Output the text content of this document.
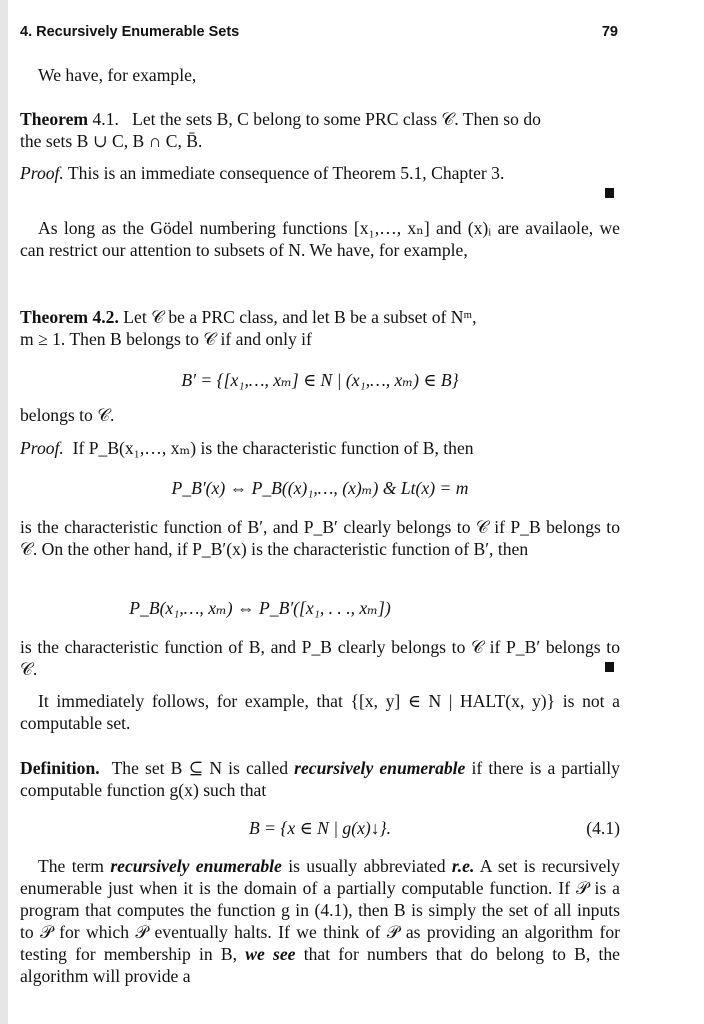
4. Recursively Enumerable Sets	79
We have, for example,
Theorem 4.1. Let the sets B, C belong to some PRC class 𝒞. Then so do
the sets B ∪ C, B ∩ C, B̄.
Proof. This is an immediate consequence of Theorem 5.1, Chapter 3.
As long as the Gödel numbering functions [x₁,…, xₙ] and (x)ᵢ are availaole, we can restrict our attention to subsets of N. We have, for example,
Theorem 4.2. Let 𝒞 be a PRC class, and let B be a subset of Nᵐ,
m ≥ 1. Then B belongs to 𝒞 if and only if
B′ = {[x₁,…, xₘ] ∈ N | (x₁,…, xₘ) ∈ B}
belongs to 𝒞.
Proof. If P_B(x₁,…, xₘ) is the characteristic function of B, then
P_B′(x) ⇔ P_B((x)₁,…, (x)ₘ) & Lt(x) = m
is the characteristic function of B′, and P_B′ clearly belongs to 𝒞 if P_B belongs to 𝒞. On the other hand, if P_B′(x) is the characteristic function of B′, then
P_B(x₁,…, xₘ) ⇔ P_B′([x₁, . . ., xₘ])
is the characteristic function of B, and P_B clearly belongs to 𝒞 if P_B′ belongs to 𝒞.
It immediately follows, for example, that {[x, y] ∈ N | HALT(x, y)} is not a computable set.
Definition. The set B ⊆ N is called recursively enumerable if there is a partially computable function g(x) such that
B = {x ∈ N | g(x)↓}.	(4.1)
The term recursively enumerable is usually abbreviated r.e. A set is recursively enumerable just when it is the domain of a partially computable function. If 𝒫 is a program that computes the function g in (4.1), then B is simply the set of all inputs to 𝒫 for which 𝒫 eventually halts. If we think of 𝒫 as providing an algorithm for testing for membership in B, we see that for numbers that do belong to B, the algorithm will provide a
